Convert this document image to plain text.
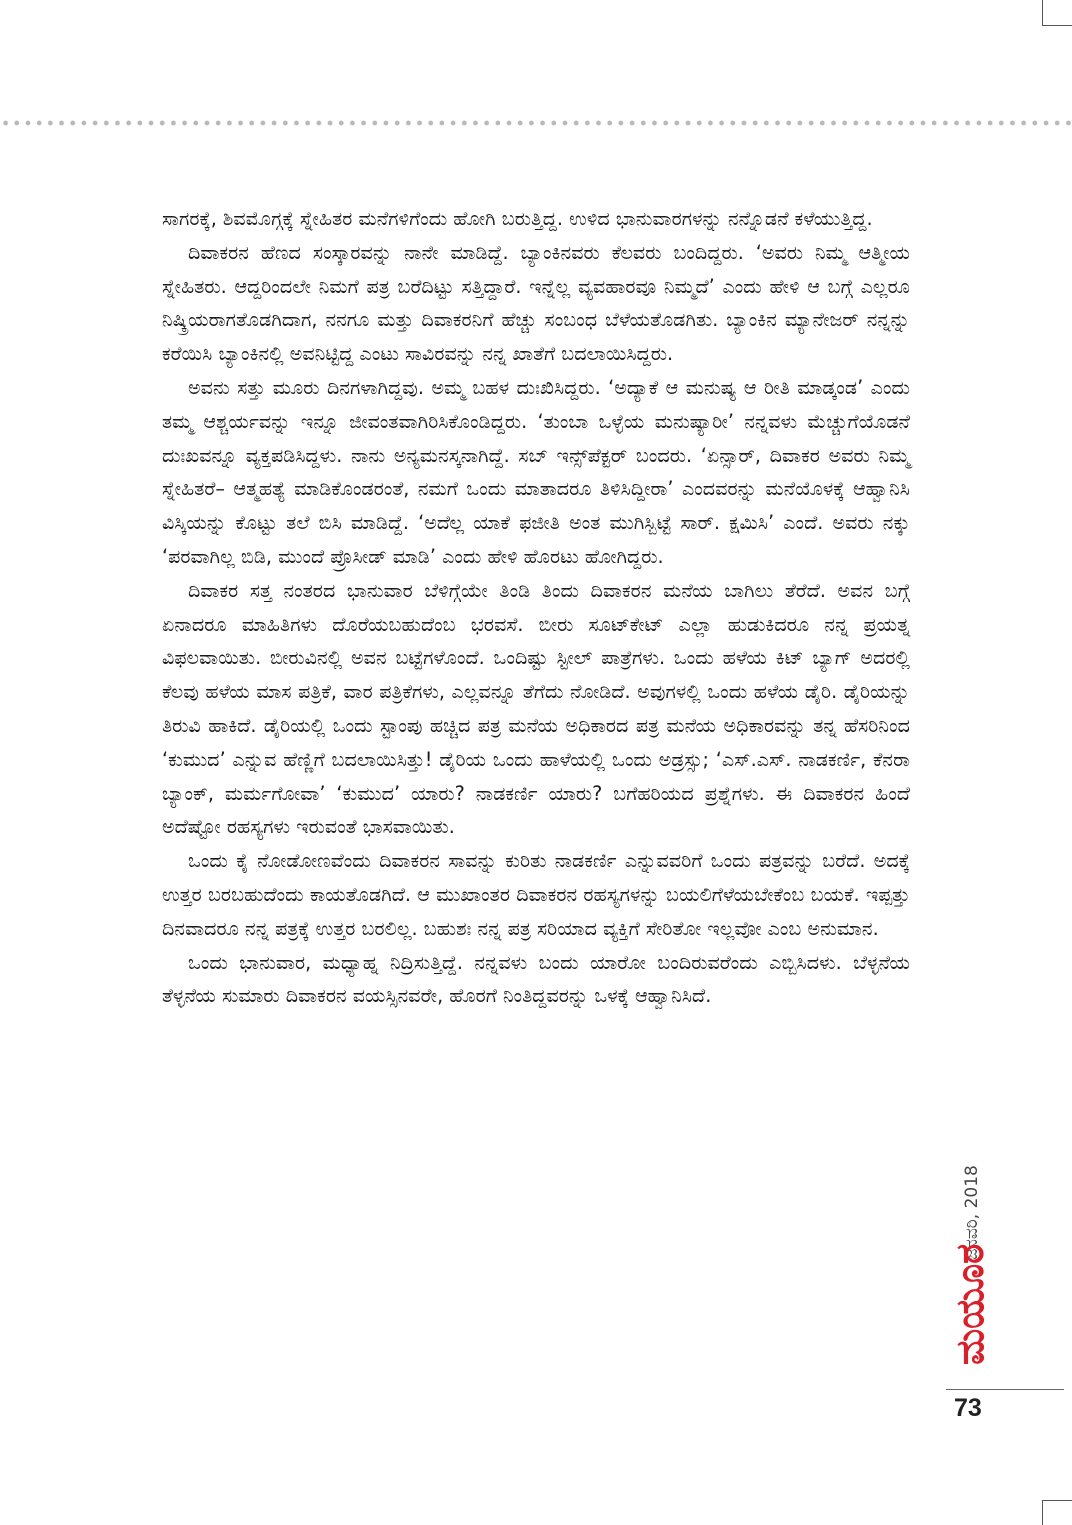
ಸಾಗರಕ್ಕೆ, ಶಿವಮೊಗ್ಗಕ್ಕೆ ಸ್ನೇಹಿತರ ಮನೆಗಳಿಗೆಂದು ಹೋಗಿ ಬರುತ್ತಿದ್ದ. ಉಳಿದ ಭಾನುವಾರಗಳನ್ನು ನನ್ನೊಡನೆ ಕಳೆಯುತ್ತಿದ್ದ.

ದಿವಾಕರನ ಹೆಣದ ಸಂಸ್ಕಾರವನ್ನು ನಾನೇ ಮಾಡಿದ್ದೆ. ಬ್ಯಾಂಕಿನವರು ಕೆಲವರು ಬಂದಿದ್ದರು. ‘ಅವರು ನಿಮ್ಮ ಆತ್ಮೀಯ ಸ್ನೇಹಿತರು. ಆದ್ದರಿಂದಲೇ ನಿಮಗೆ ಪತ್ರ ಬರೆದಿಟ್ಟು ಸತ್ತಿದ್ದಾರೆ. ಇನ್ನೆಲ್ಲ ವ್ಯವಹಾರವೂ ನಿಮ್ಮದೆ’ ಎಂದು ಹೇಳಿ ಆ ಬಗ್ಗೆ ಎಲ್ಲರೂ ನಿಷ್ಕ್ರಿಯರಾಗತೊಡಗಿದಾಗ, ನನಗೂ ಮತ್ತು ದಿವಾಕರನಿಗೆ ಹೆಚ್ಚು ಸಂಬಂಧ ಬೆಳೆಯತೊಡಗಿತು. ಬ್ಯಾಂಕಿನ ಮ್ಯಾನೇಜರ್ ನನ್ನನ್ನು ಕರೆಯಿಸಿ ಬ್ಯಾಂಕಿನಲ್ಲಿ ಅವನಿಟ್ಟಿದ್ದ ಎಂಟು ಸಾವಿರವನ್ನು ನನ್ನ ಖಾತೆಗೆ ಬದಲಾಯಿಸಿದ್ದರು.

ಅವನು ಸತ್ತು ಮೂರು ದಿನಗಳಾಗಿದ್ದವು. ಅಮ್ಮ ಬಹಳ ದುಃಖಿಸಿದ್ದರು. ‘ಅದ್ಯಾಕೆ ಆ ಮನುಷ್ಯ ಆ ರೀತಿ ಮಾಡ್ಕಂಡ’ ಎಂದು ತಮ್ಮ ಆಶ್ಚರ್ಯವನ್ನು ಇನ್ನೂ ಜೀವಂತವಾಗಿರಿಸಿಕೊಂಡಿದ್ದರು. ‘ತುಂಬಾ ಒಳ್ಳೆಯ ಮನುಷ್ಯಾರೀ’ ನನ್ನವಳು ಮೆಚ್ಚುಗೆಯೊಡನೆ ದುಃಖವನ್ನೂ ವ್ಯಕ್ತಪಡಿಸಿದ್ದಳು. ನಾನು ಅನ್ಯಮನಸ್ಕನಾಗಿದ್ದೆ. ಸಬ್ ಇನ್ಸ್‌ಪೆಕ್ಟರ್ ಬಂದರು. ‘ಏನ್ಸಾರ್, ದಿವಾಕರ ಅವರು ನಿಮ್ಮ ಸ್ನೇಹಿತರೆ– ಆತ್ಮಹತ್ಯೆ ಮಾಡಿಕೊಂಡರಂತೆ, ನಮಗೆ ಒಂದು ಮಾತಾದರೂ ತಿಳಿಸಿದ್ದೀರಾ’ ಎಂದವರನ್ನು ಮನೆಯೊಳಕ್ಕೆ ಆಹ್ವಾನಿಸಿ ವಿಸ್ಕಿಯನ್ನು ಕೊಟ್ಟು ತಲೆ ಬಿಸಿ ಮಾಡಿದ್ದೆ. ‘ಅದೆಲ್ಲ ಯಾಕೆ ಫಜೀತಿ ಅಂತ ಮುಗಿಸ್ಬಿಟ್ಟೆ ಸಾರ್. ಕ್ಷಮಿಸಿ’ ಎಂದೆ. ಅವರು ನಕ್ಕು ‘ಪರವಾಗಿಲ್ಲ ಬಿಡಿ, ಮುಂದೆ ಪ್ರೊಸೀಡ್ ಮಾಡಿ’ ಎಂದು ಹೇಳಿ ಹೊರಟು ಹೋಗಿದ್ದರು.

ದಿವಾಕರ ಸತ್ತ ನಂತರದ ಭಾನುವಾರ ಬೆಳಿಗ್ಗೆಯೇ ತಿಂಡಿ ತಿಂದು ದಿವಾಕರನ ಮನೆಯ ಬಾಗಿಲು ತೆರೆದೆ. ಅವನ ಬಗ್ಗೆ ಏನಾದರೂ ಮಾಹಿತಿಗಳು ದೊರೆಯಬಹುದೆಂಬ ಭರವಸೆ. ಬೀರು ಸೂಟ್‌ಕೇಟ್ ಎಲ್ಲಾ ಹುಡುಕಿದರೂ ನನ್ನ ಪ್ರಯತ್ನ ವಿಫಲವಾಯಿತು. ಬೀರುವಿನಲ್ಲಿ ಅವನ ಬಟ್ಟೆಗಳೊಂದೆ. ಒಂದಿಷ್ಟು ಸ್ಟೀಲ್ ಪಾತ್ರೆಗಳು. ಒಂದು ಹಳೆಯ ಕಿಟ್ ಬ್ಯಾಗ್ ಅದರಲ್ಲಿ ಕೆಲವು ಹಳೆಯ ಮಾಸ ಪತ್ರಿಕೆ, ವಾರ ಪತ್ರಿಕೆಗಳು, ಎಲ್ಲವನ್ನೂ ತೆಗೆದು ನೋಡಿದೆ. ಅವುಗಳಲ್ಲಿ ಒಂದು ಹಳೆಯ ಡೈರಿ. ಡೈರಿಯನ್ನು ತಿರುವಿ ಹಾಕಿದೆ. ಡೈರಿಯಲ್ಲಿ ಒಂದು ಸ್ಟಾಂಪು ಹಚ್ಚಿದ ಪತ್ರ ಮನೆಯ ಅಧಿಕಾರದ ಪತ್ರ ಮನೆಯ ಅಧಿಕಾರವನ್ನು ತನ್ನ ಹೆಸರಿನಿಂದ ‘ಕುಮುದ’ ಎನ್ನುವ ಹೆಣ್ಣಿಗೆ ಬದಲಾಯಿಸಿತ್ತು! ಡೈರಿಯ ಒಂದು ಹಾಳೆಯಲ್ಲಿ ಒಂದು ಅಡ್ರಸ್ಸು; ‘ಎಸ್.ಎಸ್. ನಾಡಕರ್ಣಿ, ಕೆನರಾ ಬ್ಯಾಂಕ್, ಮರ್ಮಗೋವಾ’ ‘ಕುಮುದ’ ಯಾರು? ನಾಡಕರ್ಣಿ ಯಾರು? ಬಗೆಹರಿಯದ ಪ್ರಶ್ನೆಗಳು. ಈ ದಿವಾಕರನ ಹಿಂದೆ ಅದೆಷ್ಟೋ ರಹಸ್ಯಗಳು ಇರುವಂತೆ ಭಾಸವಾಯಿತು.

ಒಂದು ಕೈ ನೋಡೋಣವೆಂದು ದಿವಾಕರನ ಸಾವನ್ನು ಕುರಿತು ನಾಡಕರ್ಣಿ ಎನ್ನುವವರಿಗೆ ಒಂದು ಪತ್ರವನ್ನು ಬರೆದೆ. ಅದಕ್ಕೆ ಉತ್ತರ ಬರಬಹುದೆಂದು ಕಾಯತೊಡಗಿದೆ. ಆ ಮುಖಾಂತರ ದಿವಾಕರನ ರಹಸ್ಯಗಳನ್ನು ಬಯಲಿಗೆಳೆಯಬೇಕೆಂಬ ಬಯಕೆ. ಇಪ್ಪತ್ತು ದಿನವಾದರೂ ನನ್ನ ಪತ್ರಕ್ಕೆ ಉತ್ತರ ಬರಲಿಲ್ಲ. ಬಹುಶಃ ನನ್ನ ಪತ್ರ ಸರಿಯಾದ ವ್ಯಕ್ತಿಗೆ ಸೇರಿತೋ ಇಲ್ಲವೋ ಎಂಬ ಅನುಮಾನ.

ಒಂದು ಭಾನುವಾರ, ಮಧ್ಯಾಹ್ನ ನಿದ್ರಿಸುತ್ತಿದ್ದೆ. ನನ್ನವಳು ಬಂದು ಯಾರೋ ಬಂದಿರುವರೆಂದು ಎಬ್ಬಿಸಿದಳು. ಬೆಳ್ಳನೆಯ ತೆಳ್ಳನೆಯ ಸುಮಾರು ದಿವಾಕರನ ವಯಸ್ಸಿನವರೇ, ಹೊರಗೆ ನಿಂತಿದ್ದವರನ್ನು ಒಳಕ್ಕೆ ಆಹ್ವಾನಿಸಿದೆ.

ಜನವರಿ, 2018
ಮಯೂರ
73
